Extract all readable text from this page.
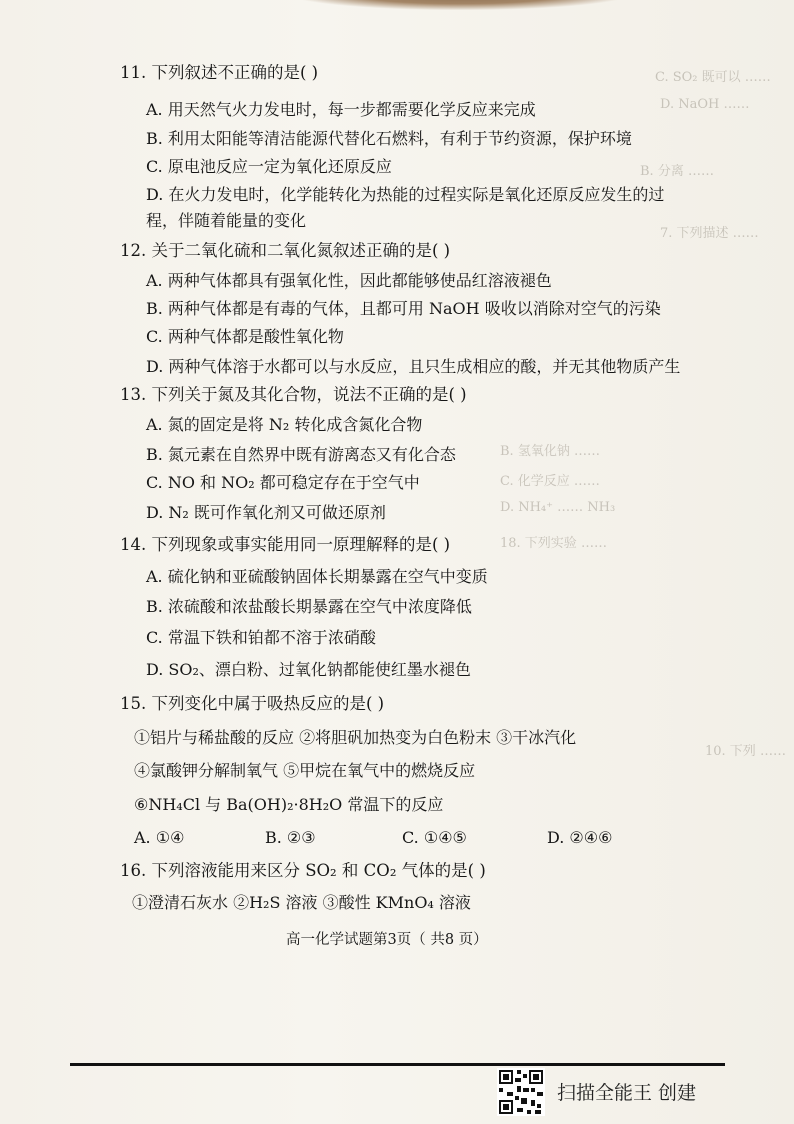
C. SO₂ 既可以 ……
D. NaOH ……
B. 分离 ……
7. 下列描述 ……
B. 氢氧化钠 ……
C. 化学反应 ……
D. NH₄⁺ …… NH₃
18. 下列实验 ……
10. 下列 ……
11. 下列叙述不正确的是( )
A. 用天然气火力发电时，每一步都需要化学反应来完成
B. 利用太阳能等清洁能源代替化石燃料，有利于节约资源，保护环境
C. 原电池反应一定为氧化还原反应
D. 在火力发电时，化学能转化为热能的过程实际是氧化还原反应发生的过
程，伴随着能量的变化
12. 关于二氧化硫和二氧化氮叙述正确的是( )
A. 两种气体都具有强氧化性，因此都能够使品红溶液褪色
B. 两种气体都是有毒的气体，且都可用 NaOH 吸收以消除对空气的污染
C. 两种气体都是酸性氧化物
D. 两种气体溶于水都可以与水反应，且只生成相应的酸，并无其他物质产生
13. 下列关于氮及其化合物，说法不正确的是( )
A. 氮的固定是将 N₂ 转化成含氮化合物
B. 氮元素在自然界中既有游离态又有化合态
C. NO 和 NO₂ 都可稳定存在于空气中
D. N₂ 既可作氧化剂又可做还原剂
14. 下列现象或事实能用同一原理解释的是( )
A. 硫化钠和亚硫酸钠固体长期暴露在空气中变质
B. 浓硫酸和浓盐酸长期暴露在空气中浓度降低
C. 常温下铁和铂都不溶于浓硝酸
D. SO₂、漂白粉、过氧化钠都能使红墨水褪色
15. 下列变化中属于吸热反应的是( )
①铝片与稀盐酸的反应 ②将胆矾加热变为白色粉末 ③干冰汽化
④氯酸钾分解制氧气 ⑤甲烷在氧气中的燃烧反应
⑥NH₄Cl 与 Ba(OH)₂·8H₂O 常温下的反应
A. ①④	B. ②③	C. ①④⑤	D. ②④⑥
16. 下列溶液能用来区分 SO₂ 和 CO₂ 气体的是( )
①澄清石灰水 ②H₂S 溶液 ③酸性 KMnO₄ 溶液
高一化学试题第3页（ 共8 页）
扫描全能王 创建
